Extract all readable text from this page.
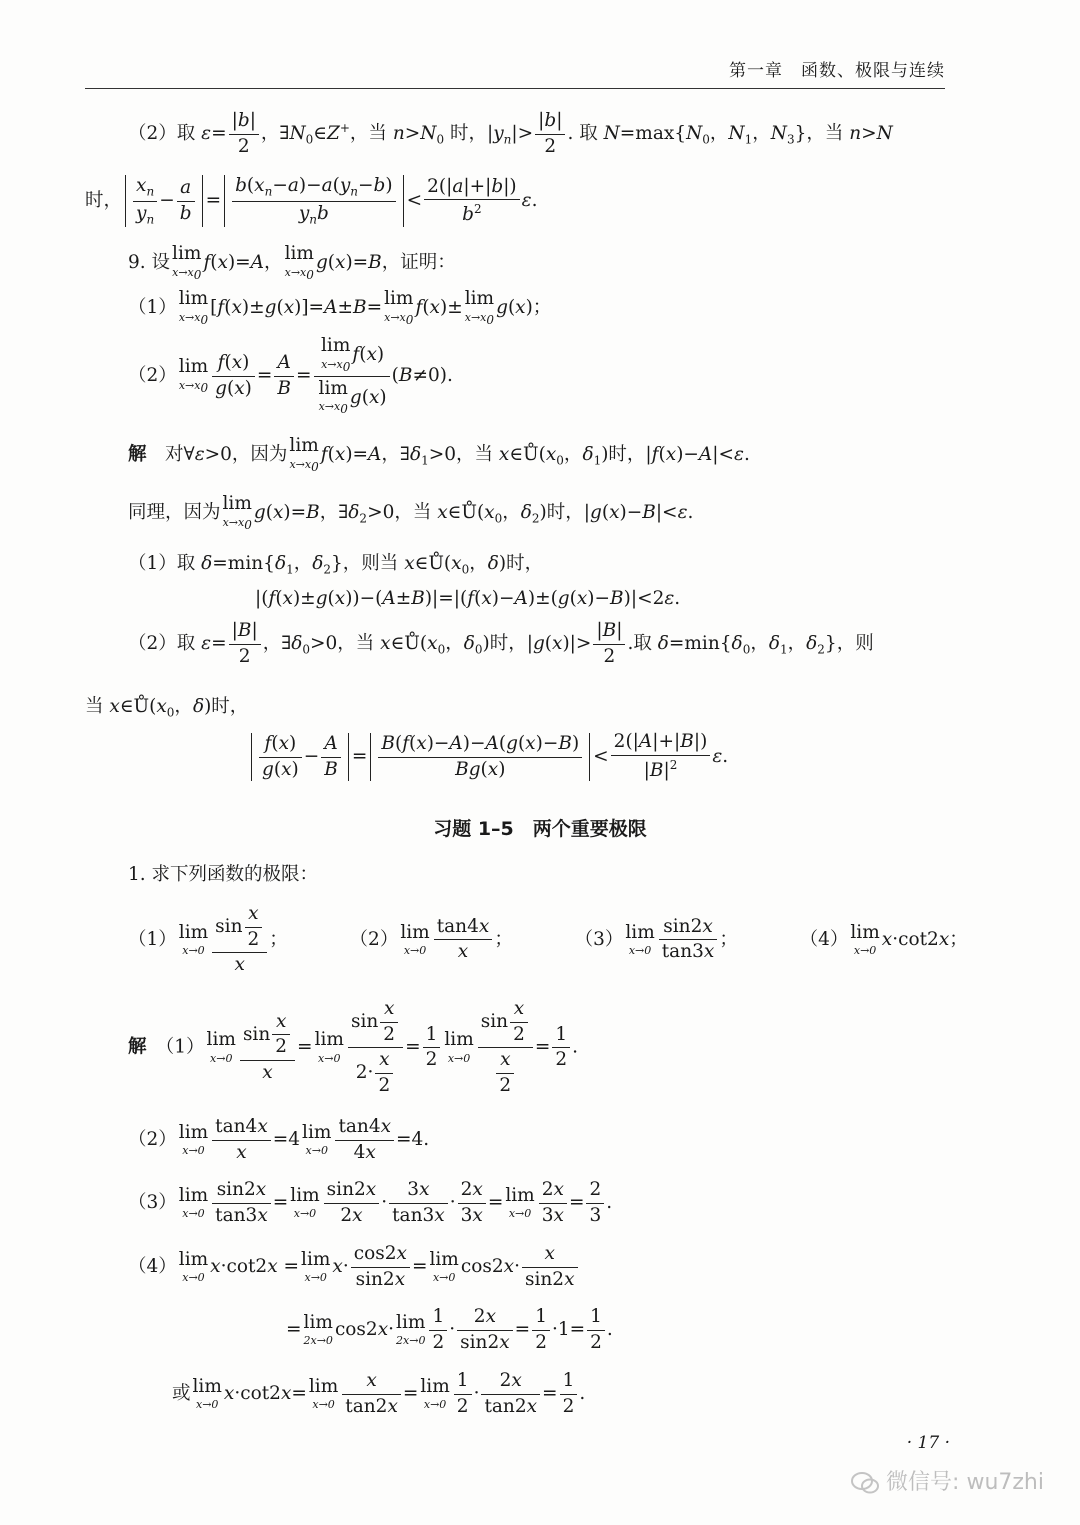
第一章　函数、极限与连续
（2）取 $\varepsilon= \frac{|b|}{2}$ ，$\exists N_0\in Z^+$，当 $n>N_0$ 时，$|y_n|> \frac{|b|}{2}$ . 取 $N=\max\{N_0$，$N_1$，$N_3$}，当 n>N
时， $\frac{x_n}{y_n} - \frac{a}{b} = \frac{b(x_n-a)-a(y_n-b)}{y_nb} < \frac{2(|a|+|b|)}{b^2} \varepsilon$.
9. 设 lim
$x\to x_0$
f(x)=A， lim
$x\to x_0$
g(x)=B，证明：
（1） lim
$x\to x_0$
[f(x)±g(x)]=A±B= lim
$x\to x_0$
f(x)± lim
$x\to x_0$
g(x)；
（2） lim
$x\to x_0 \frac{f(x)}{g(x)} = \frac{A}{B} = \lim$
$x\to x_0$
f(x)
lim
$x\to x_0$
g(x) (B≠0).
解　对∀ε>0，因为 lim
$x\to x_0$
f(x)=A，$\exists\delta_1>0$，当 $x\in Ů(x_0$，$\delta_1$)时，|f(x)−A|<ε.
同理，因为 lim
$x\to x_0$
g(x)=B，$\exists\delta_2>0$，当 $x\in Ů(x_0$，$\delta_2$)时，|g(x)−B|<ε.
（1）取 $\delta=\min\{\delta_1$，$\delta_2$}，则当 $x\in Ů(x_0$，δ)时，
|(f(x)±g(x))−(A±B)|=|(f(x)−A)±(g(x)−B)|<2ε.
（2）取 $\varepsilon= \frac{|B|}{2}$ ，$\exists\delta_0>0$，当 $x\in Ů(x_0$，$\delta_0$)时，$|g(x)|> \frac{|B|}{2}$ .取 $\delta=\min\{\delta_0$，$\delta_1$，$\delta_2$}，则
当 $x\in Ů(x_0$，δ)时，
$\frac{f(x)}{g(x)} - \frac{A}{B} = \frac{B(f(x)-A)-A(g(x)-B)}{Bg(x)} < \frac{2(|A|+|B|)}{|B|^2} \varepsilon$.
习题 1–5　两个重要极限
1. 求下列函数的极限：
（1） lim
$x\to 0 \frac{\sin \frac{x}{2}}{x}$ ；	（2） lim
$x\to 0 \frac{\tan 4x}{x}$ ；	（3） lim
$x\to 0 \frac{\sin 2x}{\tan 3x}$ ；	（4） lim
x→0
x·cot2x；
解　（1） lim
$x\to 0 \frac{\sin \frac{x}{2}}{x} = \lim$
$x\to 0 \frac{\sin \frac{x}{2}}{2\cdot \frac{x}{2}} = \frac{1}{2}$ lim
$x\to 0 \frac{\sin \frac{x}{2}}{\frac{x}{2}} = \frac{1}{2}$ .
（2） lim
$x\to 0 \frac{\tan 4x}{x} =4$ lim
$x\to 0 \frac{\tan 4x}{4x} =4$.
（3） lim
$x\to 0 \frac{\sin 2x}{\tan 3x} = \lim$
$x\to 0 \frac{\sin 2x}{2x} \cdot \frac{3x}{\tan 3x} \cdot \frac{2x}{3x} = \lim$
$x\to 0 \frac{2x}{3x} = \frac{2}{3}$ .
（4） lim
x→0
x·cot2x = lim
x→0
$x\cdot \frac{\cos 2x}{\sin 2x} = \lim$
x→0
$\cos 2x\cdot \frac{x}{\sin 2x}$
= lim
2x→0
cos2x· lim
$2x\to 0 \frac{1}{2} \cdot \frac{2x}{\sin 2x} = \frac{1}{2} \cdot 1= \frac{1}{2}$ .
或 lim
x→0
x·cot2x= lim
$x\to 0 \frac{x}{\tan 2x} = \lim$
$x\to 0 \frac{1}{2} \cdot \frac{2x}{\tan 2x} = \frac{1}{2}$ .
· 17 ·
微信号: wu7zhi
